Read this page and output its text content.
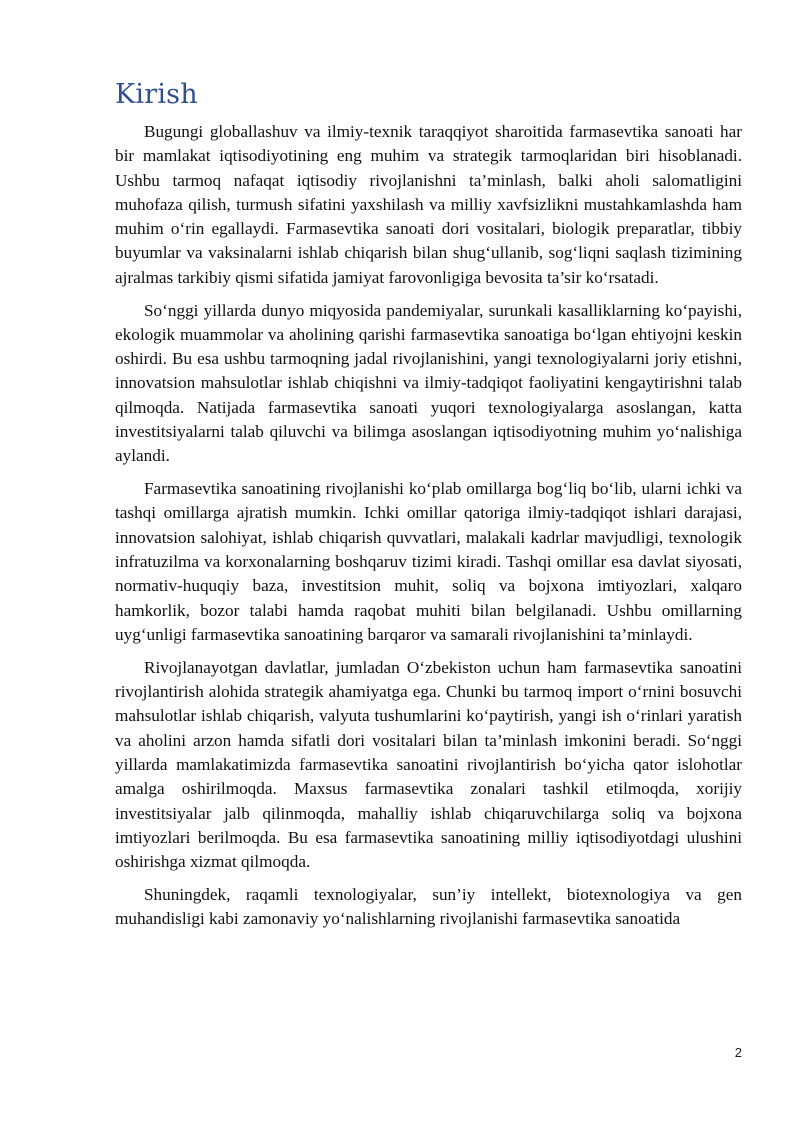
Kirish

Bugungi globallashuv va ilmiy-texnik taraqqiyot sharoitida farmasevtika sanoati har bir mamlakat iqtisodiyotining eng muhim va strategik tarmoqlaridan biri hisoblanadi. Ushbu tarmoq nafaqat iqtisodiy rivojlanishni ta’minlash, balki aholi salomatligini muhofaza qilish, turmush sifatini yaxshilash va milliy xavfsizlikni mustahkamlashda ham muhim o‘rin egallaydi. Farmasevtika sanoati dori vositalari, biologik preparatlar, tibbiy buyumlar va vaksinalarni ishlab chiqarish bilan shug‘ullanib, sog‘liqni saqlash tizimining ajralmas tarkibiy qismi sifatida jamiyat farovonligiga bevosita ta’sir ko‘rsatadi.

So‘nggi yillarda dunyo miqyosida pandemiyalar, surunkali kasalliklarning ko‘payishi, ekologik muammolar va aholining qarishi farmasevtika sanoatiga bo‘lgan ehtiyojni keskin oshirdi. Bu esa ushbu tarmoqning jadal rivojlanishini, yangi texnologiyalarni joriy etishni, innovatsion mahsulotlar ishlab chiqishni va ilmiy-tadqiqot faoliyatini kengaytirishni talab qilmoqda. Natijada farmasevtika sanoati yuqori texnologiyalarga asoslangan, katta investitsiyalarni talab qiluvchi va bilimga asoslangan iqtisodiyotning muhim yo‘nalishiga aylandi.

Farmasevtika sanoatining rivojlanishi ko‘plab omillarga bog‘liq bo‘lib, ularni ichki va tashqi omillarga ajratish mumkin. Ichki omillar qatoriga ilmiy-tadqiqot ishlari darajasi, innovatsion salohiyat, ishlab chiqarish quvvatlari, malakali kadrlar mavjudligi, texnologik infratuzilma va korxonalarning boshqaruv tizimi kiradi. Tashqi omillar esa davlat siyosati, normativ-huquqiy baza, investitsion muhit, soliq va bojxona imtiyozlari, xalqaro hamkorlik, bozor talabi hamda raqobat muhiti bilan belgilanadi. Ushbu omillarning uyg‘unligi farmasevtika sanoatining barqaror va samarali rivojlanishini ta’minlaydi.

Rivojlanayotgan davlatlar, jumladan O‘zbekiston uchun ham farmasevtika sanoatini rivojlantirish alohida strategik ahamiyatga ega. Chunki bu tarmoq import o‘rnini bosuvchi mahsulotlar ishlab chiqarish, valyuta tushumlarini ko‘paytirish, yangi ish o‘rinlari yaratish va aholini arzon hamda sifatli dori vositalari bilan ta’minlash imkonini beradi. So‘nggi yillarda mamlakatimizda farmasevtika sanoatini rivojlantirish bo‘yicha qator islohotlar amalga oshirilmoqda. Maxsus farmasevtika zonalari tashkil etilmoqda, xorijiy investitsiyalar jalb qilinmoqda, mahalliy ishlab chiqaruvchilarga soliq va bojxona imtiyozlari berilmoqda. Bu esa farmasevtika sanoatining milliy iqtisodiyotdagi ulushini oshirishga xizmat qilmoqda.

Shuningdek, raqamli texnologiyalar, sun’iy intellekt, biotexnologiya va gen muhandisligi kabi zamonaviy yo‘nalishlarning rivojlanishi farmasevtika sanoatida

2
